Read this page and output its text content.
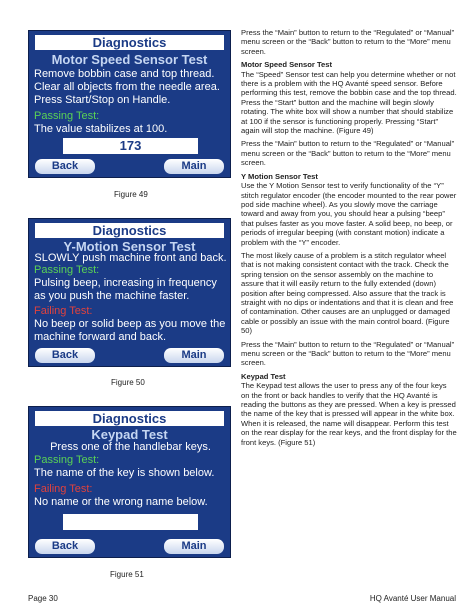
Diagnostics
Motor Speed Sensor Test
Remove bobbin case and top thread.
Clear all objects from the needle area.
Press Start/Stop on Handle.
Passing Test:
The value stabilizes at 100.
173
Back	Main
Figure 49
Diagnostics
Y-Motion Sensor Test
SLOWLY push machine front and back.
Passing Test:
Pulsing beep, increasing in frequency as you push the machine faster.
Failing Test:
No beep or solid beep as you move the machine forward and back.
Back	Main
Figure 50
Diagnostics
Keypad Test
Press one of the handlebar keys.
Passing Test:
The name of the key is shown below.
Failing Test:
No name or the wrong name below.
Back	Main
Figure 51

Press the “Main” button to return to the “Regulated” or “Manual” menu screen or the “Back” button to return to the “More” menu screen.

Motor Speed Sensor Test

The “Speed” Sensor test can help you determine whether or not there is a problem with the HQ Avanté speed sensor. Before performing this test, remove the bobbin case and the top thread. Press the “Start” button and the machine will begin slowly rotating. The white box will show a number that should stabilize at 100 if the sensor is functioning properly. Pressing “Start” again will stop the machine. (Figure 49)

Press the “Main” button to return to the “Regulated” or “Manual” menu screen or the “Back” button to return to the “More” menu screen.

Y Motion Sensor Test

Use the Y Motion Sensor test to verify functionality of the “Y” stitch regulator encoder (the encoder mounted to the rear power pod side machine wheel). As you slowly move the carriage toward and away from you, you should hear a pulsing “beep” that pulses faster as you move faster. A solid beep, no beep, or periods of irregular beeping (with constant motion) indicate a problem with the “Y” encoder.

The most likely cause of a problem is a stitch regulator wheel that is not making consistent contact with the track. Check the spring tension on the sensor assembly on the machine to assure that it will easily return to the fully extended (down) position after being compressed. Also assure that the track is straight with no dips or indentations and that it is clean and free of contamination. Other causes are an unplugged or damaged cable or possibly an issue with the main control board. (Figure 50)

Press the “Main” button to return to the “Regulated” or “Manual” menu screen or the “Back” button to return to the “More” menu screen.

Keypad Test

The Keypad test allows the user to press any of the four keys on the front or back handles to verify that the HQ Avanté is reading the buttons as they are pressed. When a key is pressed the name of the key that is pressed will appear in the white box. When it is released, the name will disappear. Perform this test on the rear display for the rear keys, and the front display for the front keys. (Figure 51)

Page 30	HQ Avanté User Manual
